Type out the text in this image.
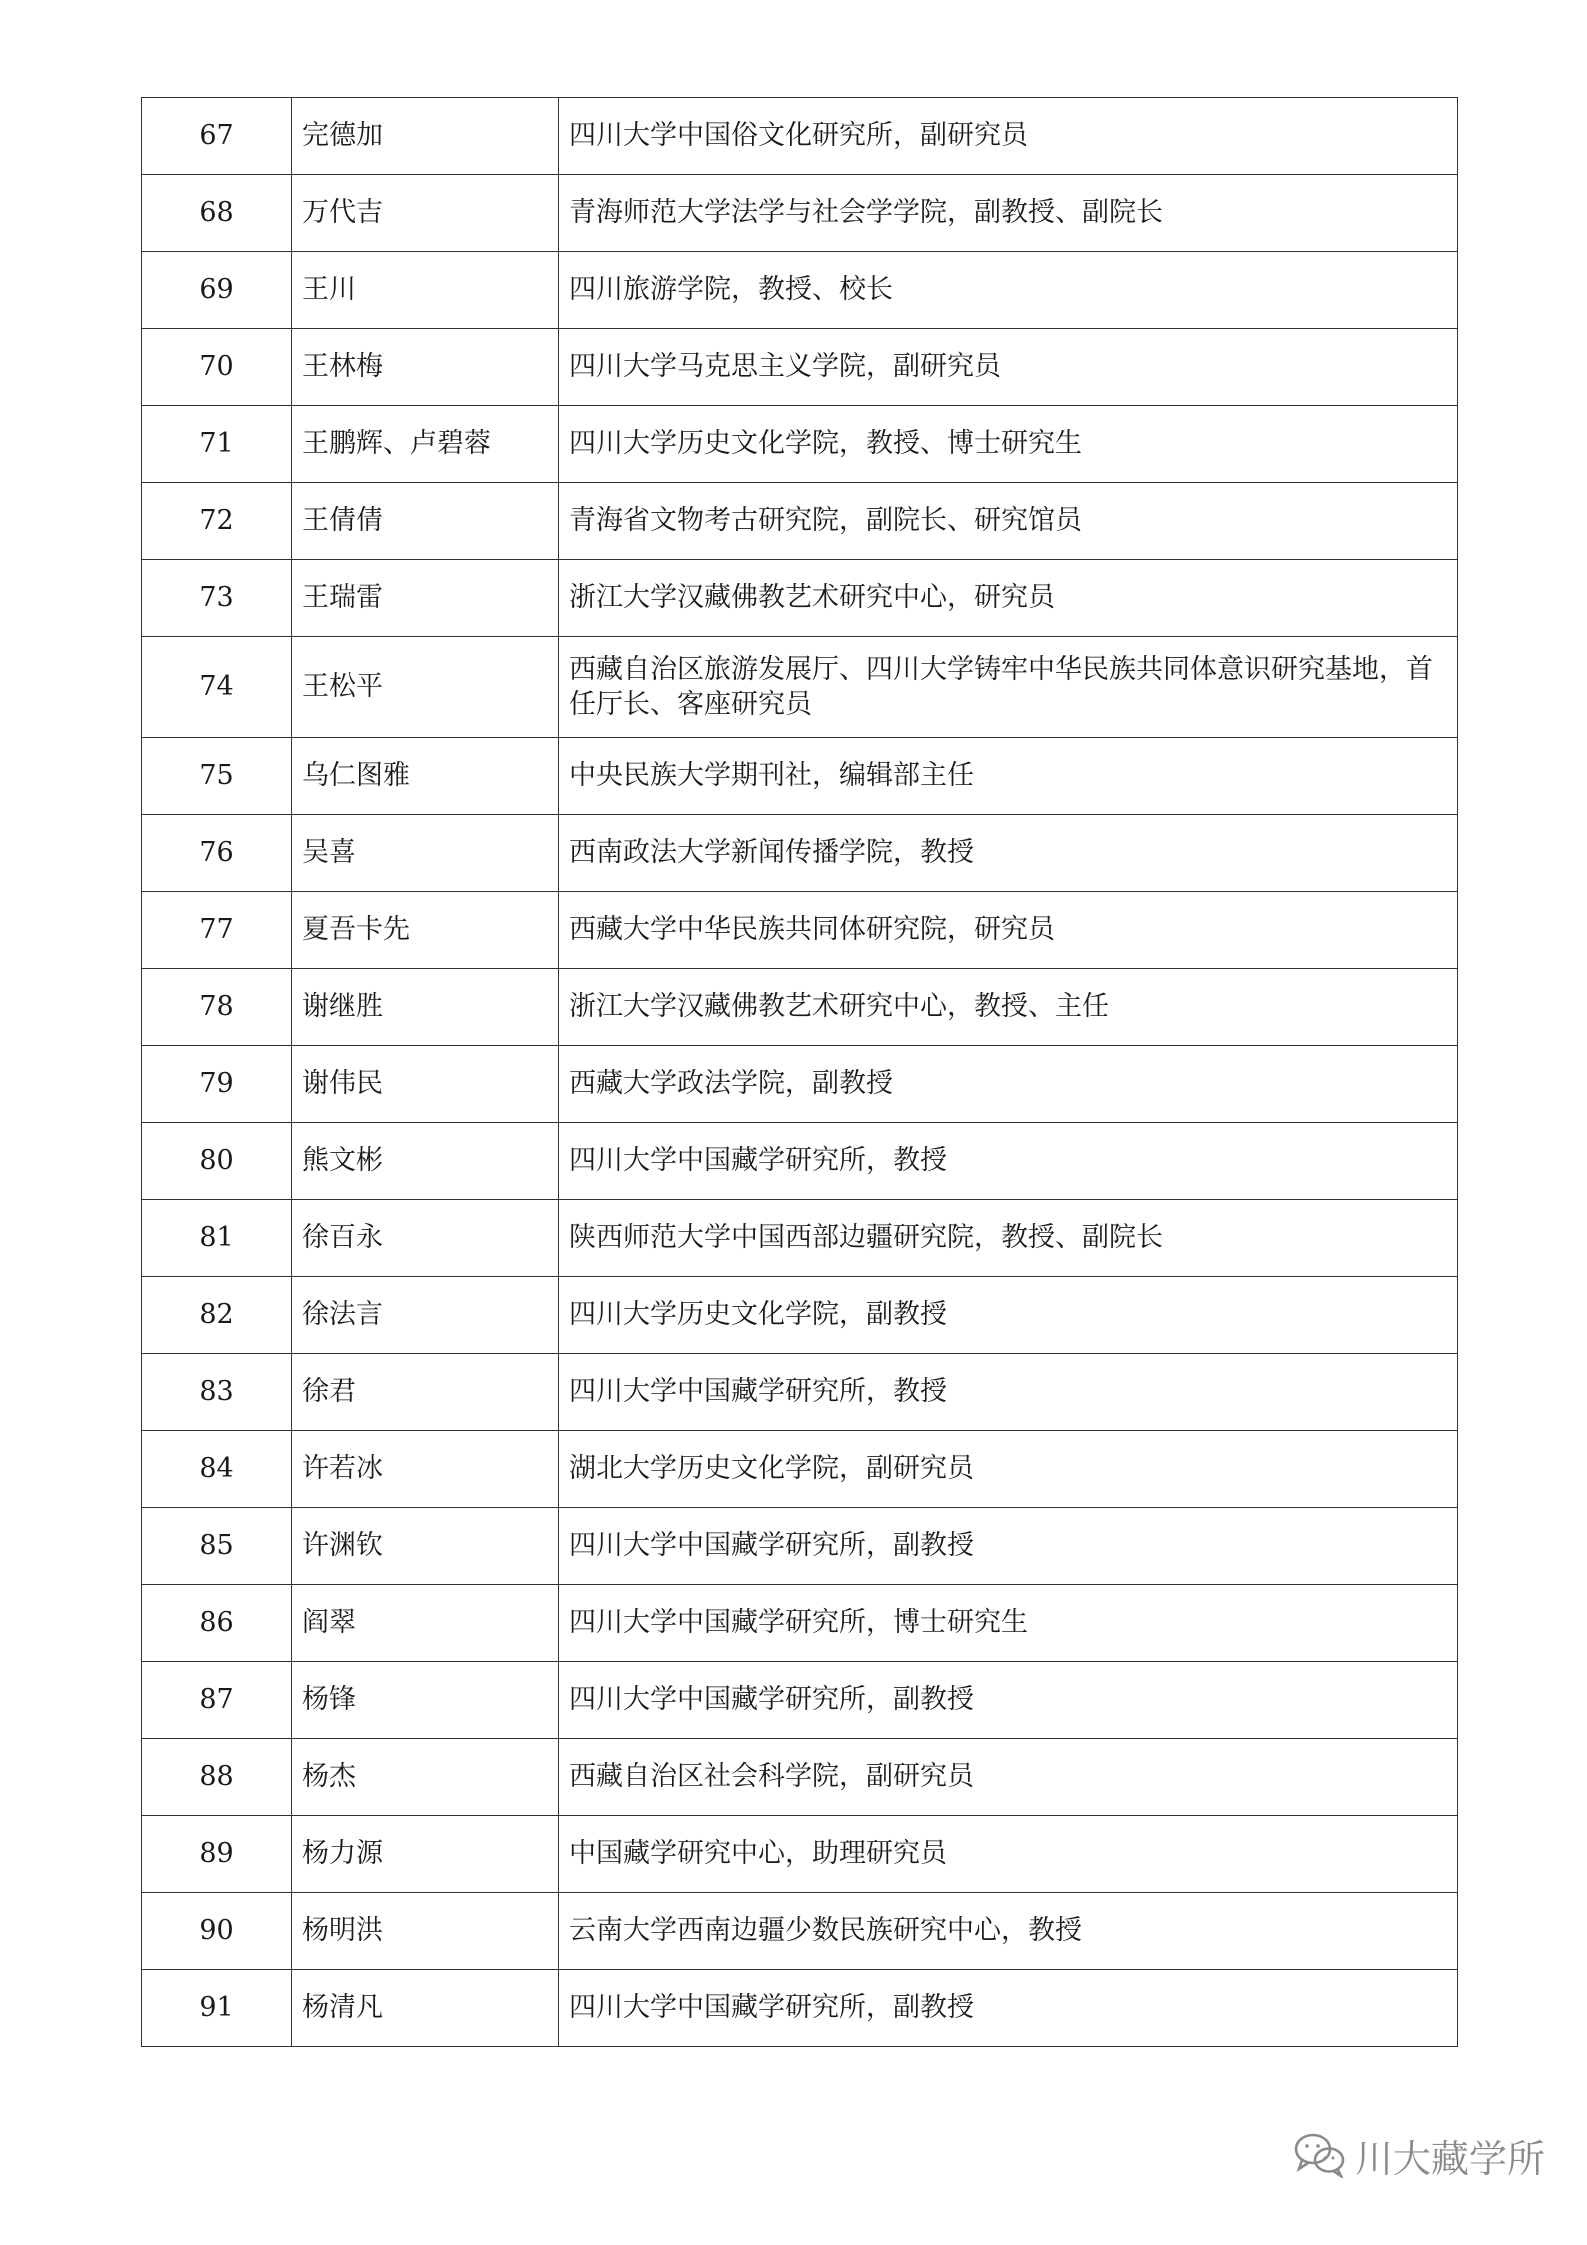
67	完德加	四川大学中国俗文化研究所，副研究员
68	万代吉	青海师范大学法学与社会学学院，副教授、副院长
69	王川	四川旅游学院，教授、校长
70	王林梅	四川大学马克思主义学院，副研究员
71	王鹏辉、卢碧蓉	四川大学历史文化学院，教授、博士研究生
72	王倩倩	青海省文物考古研究院，副院长、研究馆员
73	王瑞雷	浙江大学汉藏佛教艺术研究中心，研究员
74	王松平	西藏自治区旅游发展厅、四川大学铸牢中华民族共同体意识研究基地，首任厅长、客座研究员
75	乌仁图雅	中央民族大学期刊社，编辑部主任
76	吴喜	西南政法大学新闻传播学院，教授
77	夏吾卡先	西藏大学中华民族共同体研究院，研究员
78	谢继胜	浙江大学汉藏佛教艺术研究中心，教授、主任
79	谢伟民	西藏大学政法学院，副教授
80	熊文彬	四川大学中国藏学研究所，教授
81	徐百永	陕西师范大学中国西部边疆研究院，教授、副院长
82	徐法言	四川大学历史文化学院，副教授
83	徐君	四川大学中国藏学研究所，教授
84	许若冰	湖北大学历史文化学院，副研究员
85	许渊钦	四川大学中国藏学研究所，副教授
86	阎翠	四川大学中国藏学研究所，博士研究生
87	杨锋	四川大学中国藏学研究所，副教授
88	杨杰	西藏自治区社会科学院，副研究员
89	杨力源	中国藏学研究中心，助理研究员
90	杨明洪	云南大学西南边疆少数民族研究中心，教授
91	杨清凡	四川大学中国藏学研究所，副教授
川大藏学所
